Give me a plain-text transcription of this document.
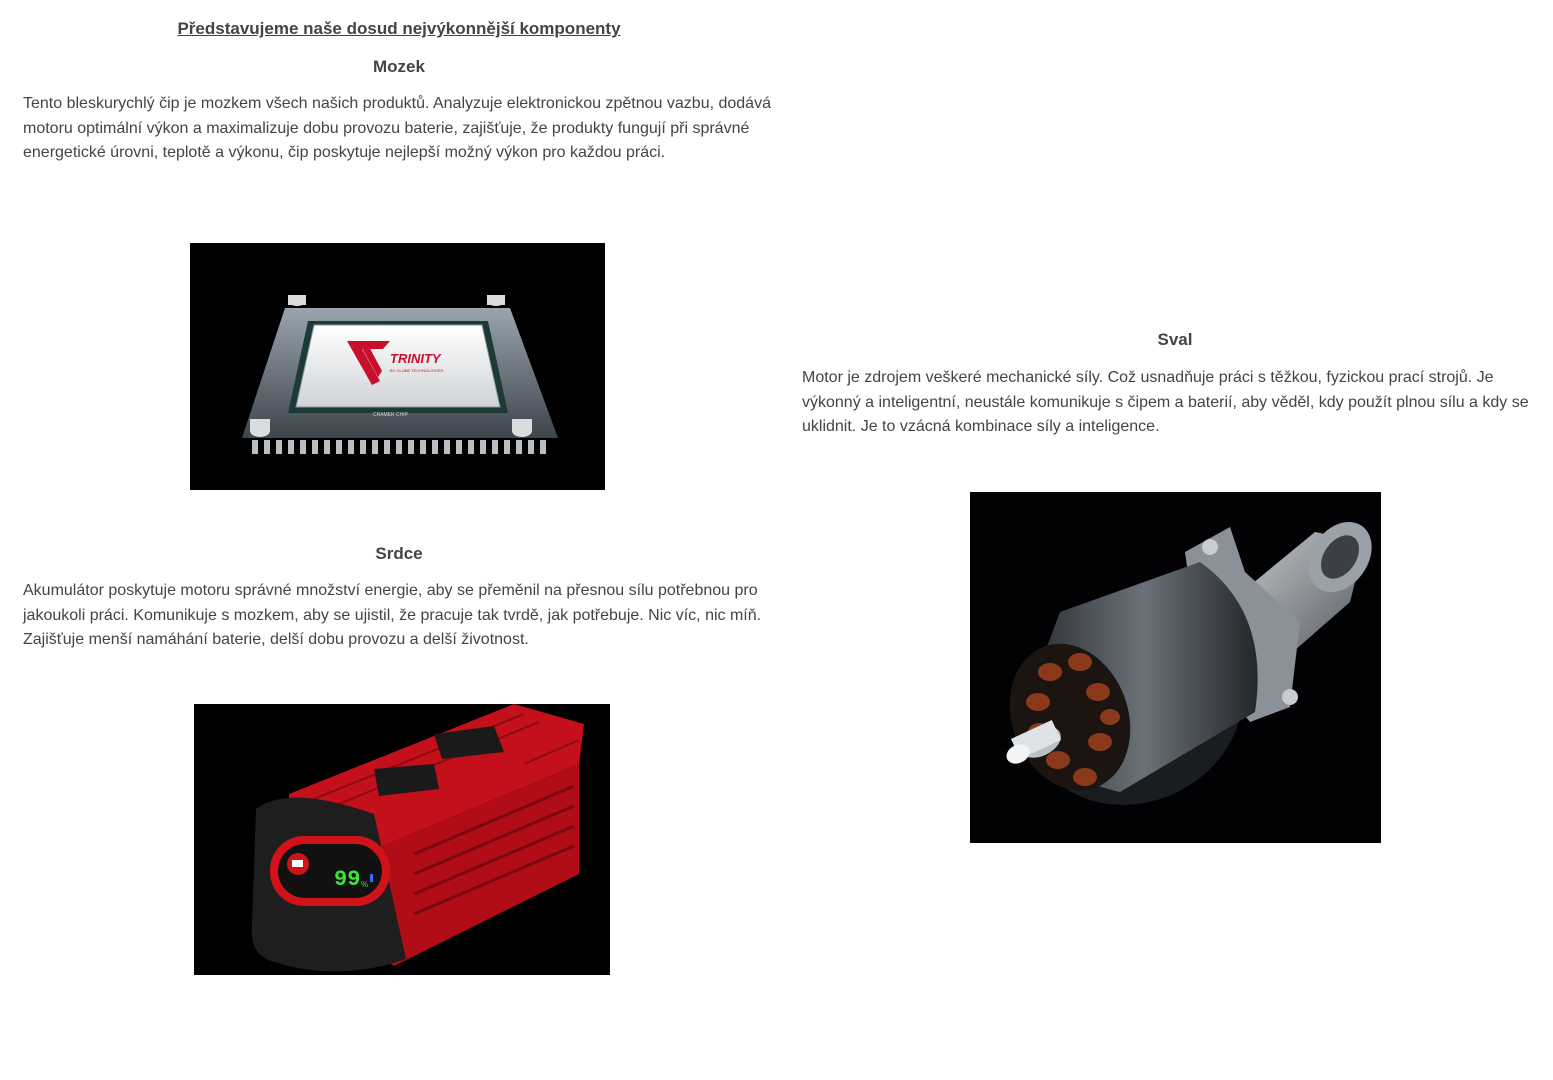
Představujeme naše dosud nejvýkonnější komponenty
Mozek
Tento bleskurychlý čip je mozkem všech našich produktů. Analyzuje elektronickou zpětnou vazbu, dodává motoru optimální výkon a maximalizuje dobu provozu baterie, zajišťuje, že produkty fungují při správné energetické úrovni, teplotě a výkonu, čip poskytuje nejlepší možný výkon pro každou práci.
TRINITY
BY GLOBE TECHNOLOGIES
CRAMER CHIP
Srdce
Akumulátor poskytuje motoru správné množství energie, aby se přeměnil na přesnou sílu potřebnou pro jakoukoli práci. Komunikuje s mozkem, aby se ujistil, že pracuje tak tvrdě, jak potřebuje. Nic víc, nic míň. Zajišťuje menší namáhání baterie, delší dobu provozu a delší životnost.
99 %
Sval
Motor je zdrojem veškeré mechanické síly. Což usnadňuje práci s těžkou, fyzickou prací strojů. Je výkonný a inteligentní, neustále komunikuje s čipem a baterií, aby věděl, kdy použít plnou sílu a kdy se uklidnit. Je to vzácná kombinace síly a inteligence.
